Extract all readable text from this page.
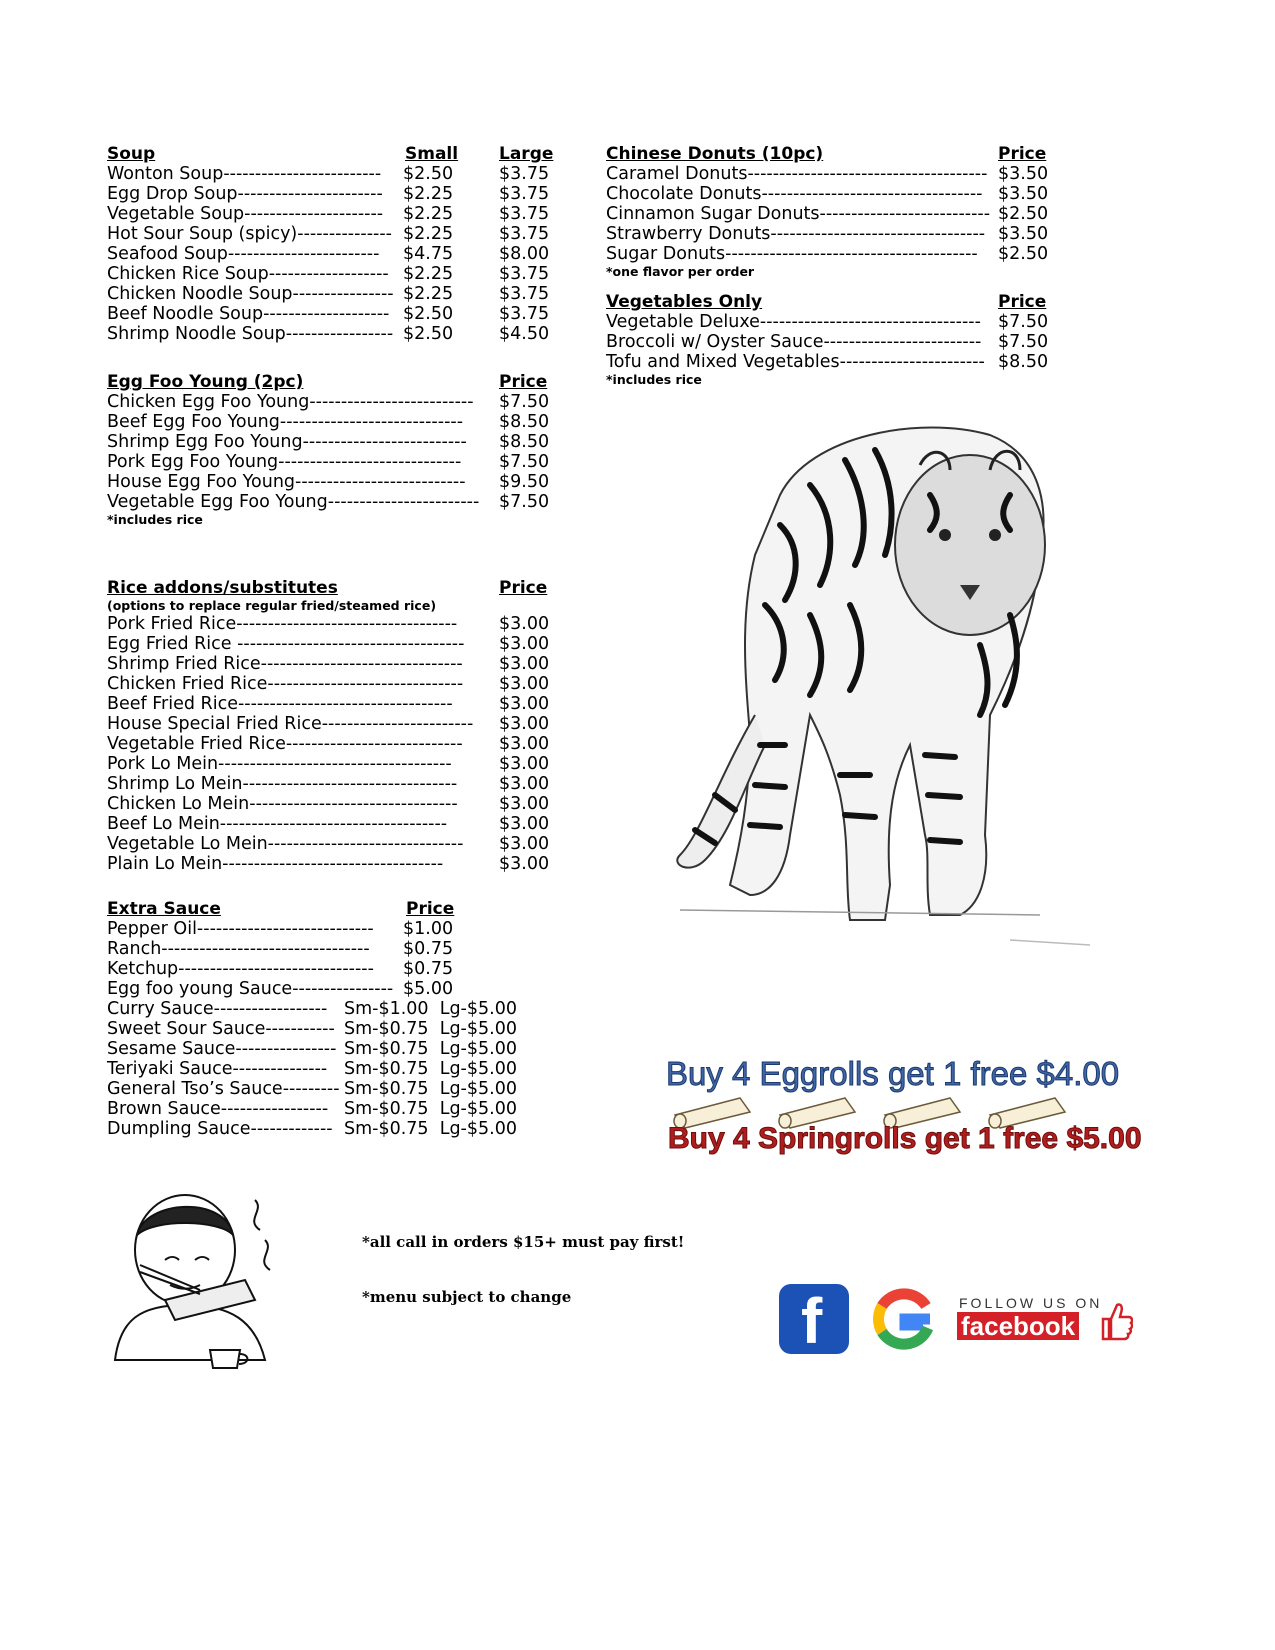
Soup	Small Large
Wonton Soup------------------------- $2.50	$3.75
Egg Drop Soup----------------------- $2.25	$3.75
Vegetable Soup---------------------- $2.25	$3.75
Hot Sour Soup (spicy)--------------- $2.25	$3.75
Seafood Soup------------------------ $4.75	$8.00
Chicken Rice Soup------------------- $2.25	$3.75
Chicken Noodle Soup---------------- $2.25	$3.75
Beef Noodle Soup-------------------- $2.50	$3.75
Shrimp Noodle Soup----------------- $2.50	$4.50
Egg Foo Young (2pc)	Price
Chicken Egg Foo Young-------------------------- $7.50
Beef Egg Foo Young----------------------------- $8.50
Shrimp Egg Foo Young-------------------------- $8.50
Pork Egg Foo Young----------------------------- $7.50
House Egg Foo Young--------------------------- $9.50
Vegetable Egg Foo Young------------------------ $7.50
*includes rice
Rice addons/substitutes	Price
(options to replace regular fried/steamed rice)
Pork Fried Rice----------------------------------- $3.00
Egg Fried Rice ------------------------------------ $3.00
Shrimp Fried Rice-------------------------------- $3.00
Chicken Fried Rice------------------------------- $3.00
Beef Fried Rice----------------------------------	$3.00
House Special Fried Rice------------------------ $3.00
Vegetable Fried Rice---------------------------- $3.00
Pork Lo Mein-------------------------------------	$3.00
Shrimp Lo Mein---------------------------------- $3.00
Chicken Lo Mein--------------------------------- $3.00
Beef Lo Mein------------------------------------	$3.00
Vegetable Lo Mein------------------------------- $3.00
Plain Lo Mein-----------------------------------	$3.00
Extra Sauce	Price
Pepper Oil---------------------------- $1.00
Ranch--------------------------------- $0.75
Ketchup------------------------------- $0.75
Egg foo young Sauce---------------- $5.00
Curry Sauce------------------ Sm-$1.00  Lg-$5.00
Sweet Sour Sauce----------- Sm-$0.75  Lg-$5.00
Sesame Sauce---------------- Sm-$0.75  Lg-$5.00
Teriyaki Sauce--------------- Sm-$0.75  Lg-$5.00
General Tso’s Sauce--------- Sm-$0.75  Lg-$5.00
Brown Sauce----------------- Sm-$0.75  Lg-$5.00
Dumpling Sauce------------- Sm-$0.75  Lg-$5.00
Chinese Donuts (10pc)	Price
Caramel Donuts-------------------------------------- $3.50
Chocolate Donuts----------------------------------- $3.50
Cinnamon Sugar Donuts--------------------------- $2.50
Strawberry Donuts---------------------------------- $3.50
Sugar Donuts---------------------------------------- $2.50
*one flavor per order
Vegetables Only	Price
Vegetable Deluxe----------------------------------- $7.50
Broccoli w/ Oyster Sauce------------------------- $7.50
Tofu and Mixed Vegetables----------------------- $8.50
*includes rice
Buy 4 Eggrolls get 1 free $4.00
Buy 4 Springrolls get 1 free $5.00
*all call in orders $15+ must pay first!
*menu subject to change	f	FOLLOW US ON
facebook
